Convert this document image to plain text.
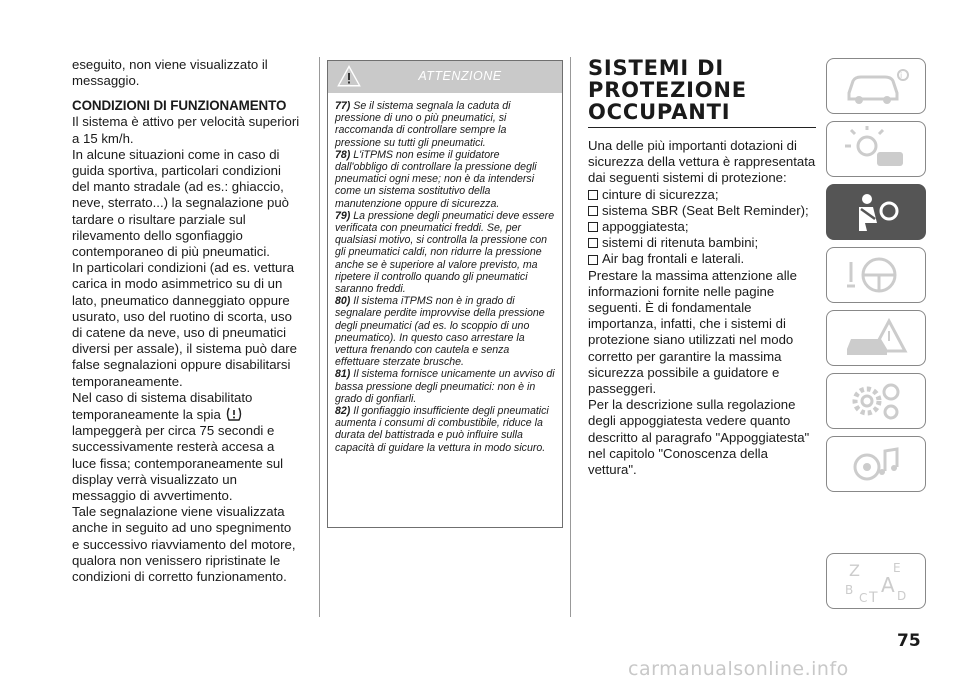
eseguito, non viene visualizzato il messaggio.

CONDIZIONI DI FUNZIONAMENTO

Il sistema è attivo per velocità superiori a 15 km/h.

In alcune situazioni come in caso di guida sportiva, particolari condizioni del manto stradale (ad es.: ghiaccio, neve, sterrato...) la segnalazione può tardare o risultare parziale sul rilevamento dello sgonfiaggio contemporaneo di più pneumatici.

In particolari condizioni (ad es. vettura carica in modo asimmetrico su di un lato, pneumatico danneggiato oppure usurato, uso del ruotino di scorta, uso di catene da neve, uso di pneumatici diversi per assale), il sistema può dare false segnalazioni oppure disabilitarsi temporaneamente.

Nel caso di sistema disabilitato temporaneamente la spia
lampeggerà per circa 75 secondi e successivamente resterà accesa a luce fissa; contemporaneamente sul display verrà visualizzato un messaggio di avvertimento.

Tale segnalazione viene visualizzata anche in seguito ad uno spegnimento e successivo riavviamento del motore, qualora non venissero ripristinate le condizioni di corretto funzionamento.

ATTENZIONE

77) Se il sistema segnala la caduta di pressione di uno o più pneumatici, si raccomanda di controllare sempre la pressione su tutti gli pneumatici.

78) L'iTPMS non esime il guidatore dall'obbligo di controllare la pressione degli pneumatici ogni mese; non è da intendersi come un sistema sostitutivo della manutenzione oppure di sicurezza.

79) La pressione degli pneumatici deve essere verificata con pneumatici freddi. Se, per qualsiasi motivo, si controlla la pressione con gli pneumatici caldi, non ridurre la pressione anche se è superiore al valore previsto, ma ripetere il controllo quando gli pneumatici saranno freddi.

80) Il sistema iTPMS non è in grado di segnalare perdite improvvise della pressione degli pneumatici (ad es. lo scoppio di uno pneumatico). In questo caso arrestare la vettura frenando con cautela e senza effettuare sterzate brusche.

81) Il sistema fornisce unicamente un avviso di bassa pressione degli pneumatici: non è in grado di gonfiarli.

82) Il gonfiaggio insufficiente degli pneumatici aumenta i consumi di combustibile, riduce la durata del battistrada e può influire sulla capacità di guidare la vettura in modo sicuro.

SISTEMI DI
PROTEZIONE
OCCUPANTI

Una delle più importanti dotazioni di sicurezza della vettura è rappresentata dai seguenti sistemi di protezione:

cinture di sicurezza;
sistema SBR (Seat Belt Reminder);
appoggiatesta;
sistemi di ritenuta bambini;
Air bag frontali e laterali.

Prestare la massima attenzione alle informazioni fornite nelle pagine seguenti. È di fondamentale importanza, infatti, che i sistemi di protezione siano utilizzati nel modo corretto per garantire la massima sicurezza possibile a guidatore e passeggeri.

Per la descrizione sulla regolazione degli appoggiatesta vedere quanto descritto al paragrafo "Appoggiatesta" nel capitolo "Conoscenza della vettura".

i
Z	E
B A
C T D
75
carmanualsonline.info
